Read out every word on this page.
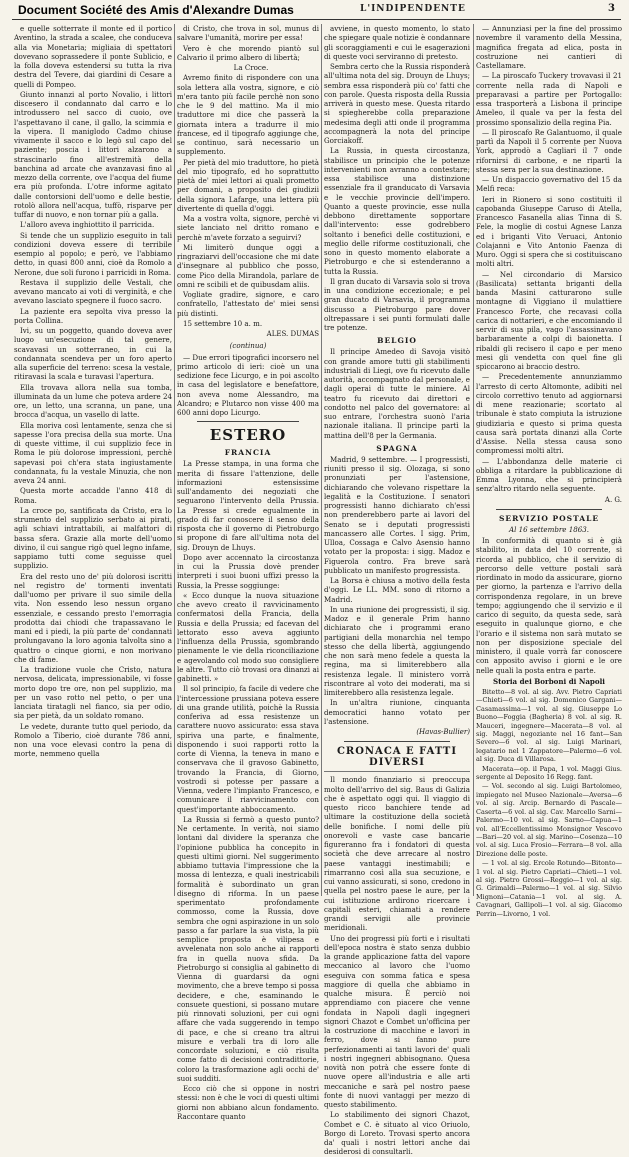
Document Société des Amis d'Alexandre Dumas	L'INDIPENDENTE	3

e quelle sotterrate il monte ed il portico Aventino, la strada a scalee, che conduceva alla via Monetaria; migliaia di spettatori dovevano soprassedere il ponte Sublicio, e la folla doveva estendersi su tutta la riva destra del Tevere, dai giardini di Cesare a quelli di Pompeo.

Giunto innanzi al porto Novalio, i littori discesero il condannato dal carro e lo introdussero nel sacco di cuoio, ove l'aspettavano il cane, il gallo, la scimmia e la vipera. Il maniglodo Cadmo chiuse vivamente il sacco e lo legò sul capo del paziente; poscia i littori alzarono a strascinarlo fino all'estremità della banchina ad arcate che avanzavasi fino al mezzo della corrente, ove l'acqua del fiume era più profonda. L'otre informe agitato dalle contorsioni dell'uomo e delle bestie, rotolò allora nell'acqua, tuffò, risparve per tuffar di nuovo, e non tornar più a galla.

L'alloro aveva inghiottito il parricida.

Si tende che un supplizio eseguito in tali condizioni doveva essere di terribile esempio al popolo; e però, ve l'abbiamo detto, in quasi 800 anni, cioè da Romolo a Nerone, due soli furono i parricidi in Roma.

Restava il supplizio delle Vestali, che avevano mancato ai voti di verginità, e che avevano lasciato spegnere il fuoco sacro.

La paziente era sepolta viva presso la porta Collina.

Ivi, su un poggetto, quando doveva aver luogo un'esecuzione di tal genere, scavavasi un sotterraneo, in cui la condannata scendeva per un foro aperto alla superficie del terreno: scesa la vestale, ritiravasi la scala e turavasi l'apertura.

Ella trovava allora nella sua tomba, illuminata da un lume che poteva ardere 24 ore, un letto, una scranna, un pane, una brocca d'acqua, un vasello di latte.

Ella moriva così lentamente, senza che si sapesse l'ora precisa della sua morte. Una di queste vittime, il cui supplizio fece in Roma le più dolorose impressioni, perchè sapevasi poi ch'era stata ingiustamente condannata, fu la vestale Minuzia, che non aveva 24 anni.

Questa morte accadde l'anno 418 di Roma.

La croce po, santificata da Cristo, era lo strumento del supplizio serbato ai pirati, agli schiavi intrattabili, ai malfattori di bassa sfera. Grazie alla morte dell'uomo divino, il cui sangue rigò quel legno infame, sappiamo tutti come seguisse quel supplizio.

Era del resto uno de' più dolorosi iscritti nel registro de' tormenti inventati dall'uomo per privare il suo simile della vita. Non essendo leso nessun organo essenziale, e cessando presto l'emorragia prodotta dai chiodi che trapassavano le mani ed i piedi, la più parte de' condannati prolungavano la loro agonia talvolta sino a quattro o cinque giorni, e non morivano che di fame.

La tradizione vuole che Cristo, natura nervosa, delicata, impressionabile, vi fosse morto dopo tre ore, non pel supplizio, ma per un vaso rotto nel petto, o per una lanciata tiratagli nel fianco, sia per odio, sia per pietà, da un soldato romano.

Le vedete, durante tutto quel periodo, da Romolo a Tiberio, cioè durante 786 anni, non una voce elevasi contro la pena di morte, nemmeno quella

di Cristo, che trova in sol, munus di salvare l'umanità, morire per essa!

Vero è che morendo piantò sul Calvario il primo albero di libertà;

La Croce.

Avremo finito di rispondere con una sola lettera alla vostra, signore, e ciò m'era tanto più facile perchè non sono che le 9 del mattino. Ma il mio traduttore mi dice che passerà la giornata intera a tradurre il mio francese, ed il tipografo aggiunge che, se continuo, sarà necessario un supplemento.

Per pietà del mio traduttore, ho pietà del mio tipografo, ed ho soprattutto pietà de' miei lettori ai quali prometto per domani, a proposito dei giudizii della signora Lafarge, una lettera più divertente di quella d'oggi.

Ma a vostra volta, signore, perchè vi siete lanciato nel dritto romano e perchè m'avete forzato a seguirvi?

Mi limiterò dunque oggi a ringraziarvi dell'occasione che mi date d'insegnare al pubblico che posso, come Pico della Mirandola, parlare de omni re scibili et de quibusdam aliis.

Vogliate gradire, signore, e caro confratello, l'attestato de' miei sensi più distinti.

15 settembre 10 a. m.

ALES. DUMAS
(continua)

— Due errori tipografici incorsero nel primo articolo di ieri: cioè un una sedizione fece Licurgo, e in poi ascolto in casa del legislatore e benefattore, non aveva nome Alessandro, ma Alcandro; e Plutarco non visse 400 ma 600 anni dopo Licurgo.

ESTERO
FRANCIA

La Presse stampa, in una forma che merita di fissare l'attenzione, delle informazioni estensissime sull'andamento dei negoziati che seguarono l'intervento della Prussia. La Presse si crede egualmente in grado di far conoscere il senso della risposta che il governo di Pietroburgo si propone di fare all'ultima nota del sig. Drouyn de Lhuys.

Dopo aver accennato la circostanza in cui la Prussia dovè prender interpreti i suoi buoni uffizi presso la Russia, la Presse soggiunge:

« Ecco dunque la nuova situazione che avevo creato il ravvicinamento confermatosi della Francia, della Russia e della Prussia; ed facevan del lettorato esso aveva aggiunto l'influenza della Prussia, sgombrando pienamente le vie della riconciliazione e agevolando col modo suo consigliere le altre. Tutto ciò trovasi ora dinanzi ai gabinetti. »

Il sol principio, fa facile di vedere che l'intercessione prussiana poteva essere di una grande utilità, poichè la Russia conferiva ad essa resistenze un carattere nuovo assicurato: essa stava spiriva una parte, e finalmente, disponendo i suoi rapporti rotto la corte di Vienna, la teneva in mano e conservava che il gravoso Gabinetto, trovando la Francia, di Giorno, vostrodi si potesse per passare a Vienna, vedere l'impianto Francesco, e comunicare il riavvicinamento con quest'importante abboccamento.

La Russia si fermò a questo punto? Ne certamente. In verità, noi siamo lontani dal dividere la speranza che l'opinione pubblica ha concepito in questi ultimi giorni. Nel suggerimento abbiamo tuttavia l'impressione che la mossa di lentezza, e quali inestricabili formalità è subordinato un gran disegno di riforma. In un paese sperimentato profondamente commosso, come la Russia, dove sembra che ogni aspirazione in un solo passo a far parlare la sua vista, la più semplice proposta è vilipesa e avvelenata non solo anche ai rapporti fra in quella nuova sfida. Da Pietroburgo si consiglia al gabinetto di Vienna di guardarsi da ogni movimento, che a breve tempo si possa decidere, e che, esaminando le consuete questioni, si possano mutare più rinnovati soluzioni, per cui ogni affare che vada suggerendo in tempo di pace, e che si creano tra altrui misure e verbali tra di loro alle concordate soluzioni, e ciò risulta come fatto di decisioni contradittorie, coloro la trasformazione agli occhi de' suoi sudditi.

Ecco ciò che si oppone in nostri stessi: non è che le voci di questi ultimi giorni non abbiano alcun fondamento. Raccontare quanto

avviene, in questo momento, lo stato che spiegare quale notizie è condannare gli scoraggiamenti e cui le esagerazioni di queste voci serviranno di pretesto.

Sembra certo che la Russia risponderà all'ultima nota del sig. Drouyn de Lhuys; sembra essa risponderà più co' fatti che con parole. Questa risposta della Russia arriverà in questo mese. Questa ritardo si spiegherebbe colla preparazione medesima degli atti onde il programma accompagnerà la nota del principe Gorciakoff.

La Russia, in questa circostanza, stabilisce un principio che le potenze intervenienti non avranno a contestare; essa stabilisce una distinzione essenziale fra il granducato di Varsavia e le vecchie provincie dell'impero. Quanto a queste provincie, esse nulla debbono direttamente sopportare dall'intervento: esse godrebbero soltanto i benefici delle costituzioni, e meglio delle riforme costituzionali, che sono in questo momento elaborate a Pietroburgo e che si estenderanno a tutta la Russia.

Il gran ducato di Varsavia solo si trova in una condizione eccezionale; e pel gran ducato di Varsavia, il programma discusso a Pietroburgo pare dover oltrepassare i sei punti formulati dalle tre potenze.

BELGIO

Il principe Amedeo di Savoja visitò con grande amore tutti gli stabilimenti industriali di Liegi, ove fu ricevuto dalle autorità, accompagnato dal personale, e dagli operai di tutte le miniere. Al teatro fu ricevuto dai direttori e condotto nel palco del governatore: al suo entrare, l'orchestra suonò l'aria nazionale italiana. Il principe partì la mattina dell'8 per la Germania.

SPAGNA

Madrid, 9 settembre. — I progressisti, riuniti presso il sig. Olozaga, si sono pronunziati per l'astensione, dichiarando che volevano rispettare la legalità e la Costituzione. I senatori progressisti hanno dichiarato ch'essi non prenderebbero parte ai lavori del Senato se i deputati progressisti mancassero alle Cortes. I sigg. Prim, Ulloa, Cossaga e Calvo Asensio hanno votato per la proposta: i sigg. Madoz e Figuerola contro. Fra breve sarà pubblicato un manifesto progressista.

La Borsa è chiusa a motivo della festa d'oggi. Le LL. MM. sono di ritorno a Madrid.

In una riunione dei progressisti, il sig. Madoz e il generale Prim hanno dichiarato che i programmi erano partigiani della monarchia nel tempo stesso che della libertà, aggiungendo che non sarà meno fedele a questa la regina, ma si limiterebbero alla resistenza legale. Il ministero vorrà riscontrare al voto dei moderati, ma si limiterebbero alla resistenza legale.

In un'altra riunione, cinquanta democratici hanno votato per l'astensione.

(Havas-Bullier)
CRONACA E FATTI DIVERSI

Il mondo finanziario si preoccupa molto dell'arrivo del sig. Baus di Galizia che è aspettato oggi qui. Il viaggio di questo ricco banchiere tende ad ultimare la costituzione della società delle bonifiche. I nomi delle più onorevoli e vaste case bancarie figureranno fra i fondatori di questa società che deve arrecare al nostro paese vantaggi inestimabili; e rimarranno così alla sua secuzione, e cui vanno assicurati, si sono, credono in quella pel nostro paese le aure, per la cui istituzione ardirono ricercare i capitali esteri, chiamati a rendere grandi servigii alle provincie meridionali.

Uno dei progressi più forti e i risultati dell'epoca nostra è stato senza dubbio la grande applicazione fatta del vapore meccanico al lavoro che l'uomo eseguiva con somma fatica e spesa maggiore di quella che abbiamo in qualche misura. È perciò noi apprendiamo con piacere che venne fondata in Napoli dagli ingegneri signori Chazot e Combet un'officina per la costruzione di macchine e lavori in ferro, dove si fanno pure perfezionamenti ai tanti lavori de' quali i nostri ingegneri abbisognano. Quesa novità non potrà che essere fonte di nuove opere all'industria e alle arti meccaniche e sarà pel nostro paese fonte di nuovi vantaggi per mezzo di questo stabilimento.

Lo stabilimento dei signori Chazot, Combet e C. è situato al vico Oriuolo, Borgo di Loreto. Trovasi sperto ancora da' quali i nostri lettori anche dai desiderosi di consultarli.

— Annunziasi per la fine del prossimo novembre il varamento della Messina, magnifica fregata ad elica, posta in costruzione nei cantieri di Castellamare.

— La piroscafo Tuckery trovavasi il 21 corrente nella rada di Napoli e preparavasi a partire per Portogallo: essa trasporterà a Lisbona il principe Ameleo, il quale va per la festa del prossimo sponsalizio della regina Pia.

— Il piroscafo Re Galantuomo, il quale partì da Napoli il 5 corrente per Nuova York, approdò a Cagliari il 7 onde rifornirsi di carbone, e ne ripartì la stessa sera per la sua destinazione.

— Un dispaccio governativo del 15 da Melfi reca:

Ieri in Rionero si sono costituiti il capobanda Giuseppe Caruso di Atella, Francesco Fasanella alias Tinna di S. Fele, la moglie di costui Agnese Lanza ed i briganti Vito Veruaci, Antonio Colajanni e Vito Antonio Faenza di Muro. Oggi si spera che si costituiscano molti altri.

— Nel circondario di Marsico (Basilicata) settanta briganti della banda Masini catturarono sulle montagne di Viggiano il mulattiere Francesco Forte, che recavasi colla carica di nottarieri, e che encomiando il servir di sua pila, vago l'assassinavano barbaramente a colpi di baionetta. I ribaldi gli recisero il capo e per meno mesi gli vendetta con quel fine gli spiccarono ai braccio destro.

— Precedentemente annunziammo l'arresto di certo Altomonte, adibiti nel circolo correttivo tenuto ad aggiornarsi di mene reazionarie; scortato al tribunale è stato compiuta la istruzione giudiziaria e questo si prima questa causa sarà portata dinanzi alla Corte d'Assise. Nella stessa causa sono compromessi molti altri.

— L'abbondanza delle materie ci obbliga a ritardare la pubblicazione di Emma Lyonna, che si principierà senz'altro ritardo nella seguente.

A. G.
SERVIZIO POSTALE
Al 16 settembre 1863.

In conformità di quanto si è già stabilito, in data del 10 corrente, si ricorda al pubblico, che il servizio di percorso delle vetture postali sarà riordinato in modo da assicurare, giorno per giorno, la partenza e l'arrivo della corrispondenza regolare, in un breve tempo; aggiungendo che il servizio e il carico di seguito, da questa sede, sarà eseguito in qualunque giorno, e che l'orario e il sistema non sarà mutato se non per disposizione speciale del ministero, il quale vorrà far conoscere con apposito avviso i giorni e le ore nelle quali la posta entra e parte.

Storia dei Borboni di Napoli

Bitetto—8 vol. al sig. Avv. Pietro Capriati—Chieti—6 vol. al sig. Domenico Gargani—Casamassima—1 vol. al sig. Giuseppe Lo Buono—Foggia (Bagheria) 8 vol. al sig. R. Mauceri, ingegnere—Macerata—8 vol. al sig. Maggi, negoziante nel 16 fant—San Severo—6 vol. al sig. Luigi Marinari, legatario nel 1 Zappatore—Palermo—6 vol. al sig. Duca di Villarosa.

Macerata—op. il Papa, 1 vol. Maggi Gius. sergente al Deposito 16 Regg. fant.

— Vol. secondo al sig. Luigi Bartolomeo, impiegato nel Museo Nazionale—Aversa—6 vol. al sig. Arcip. Bernardo di Pascale—Caserta—6 vol. al sig. Cav. Marcello Sarni—Palermo—10 vol. al sig. Sarno—Capua—1 vol. all'Eccellentissimo Monsignor Vescovo—Bari—20 vol. al sig. Marino—Cosenza—10 vol. al sig. Luca Frosio—Ferrara—8 vol. alla Direzione delle poste.

— 1 vol. al sig. Ercole Rotundo—Bitonto—1 vol. al sig. Pietro Capriati—Chieti—1 vol. al sig. Pietro Grossi—Reggio—1 vol. al sig. G. Grimaldi—Palermo—1 vol. al sig. Silvio Mignoni—Catania—1 vol. al sig. A. Cavagnari, Gallipoli—1 vol. al sig. Giacomo Perrin—Livorno, 1 vol.
